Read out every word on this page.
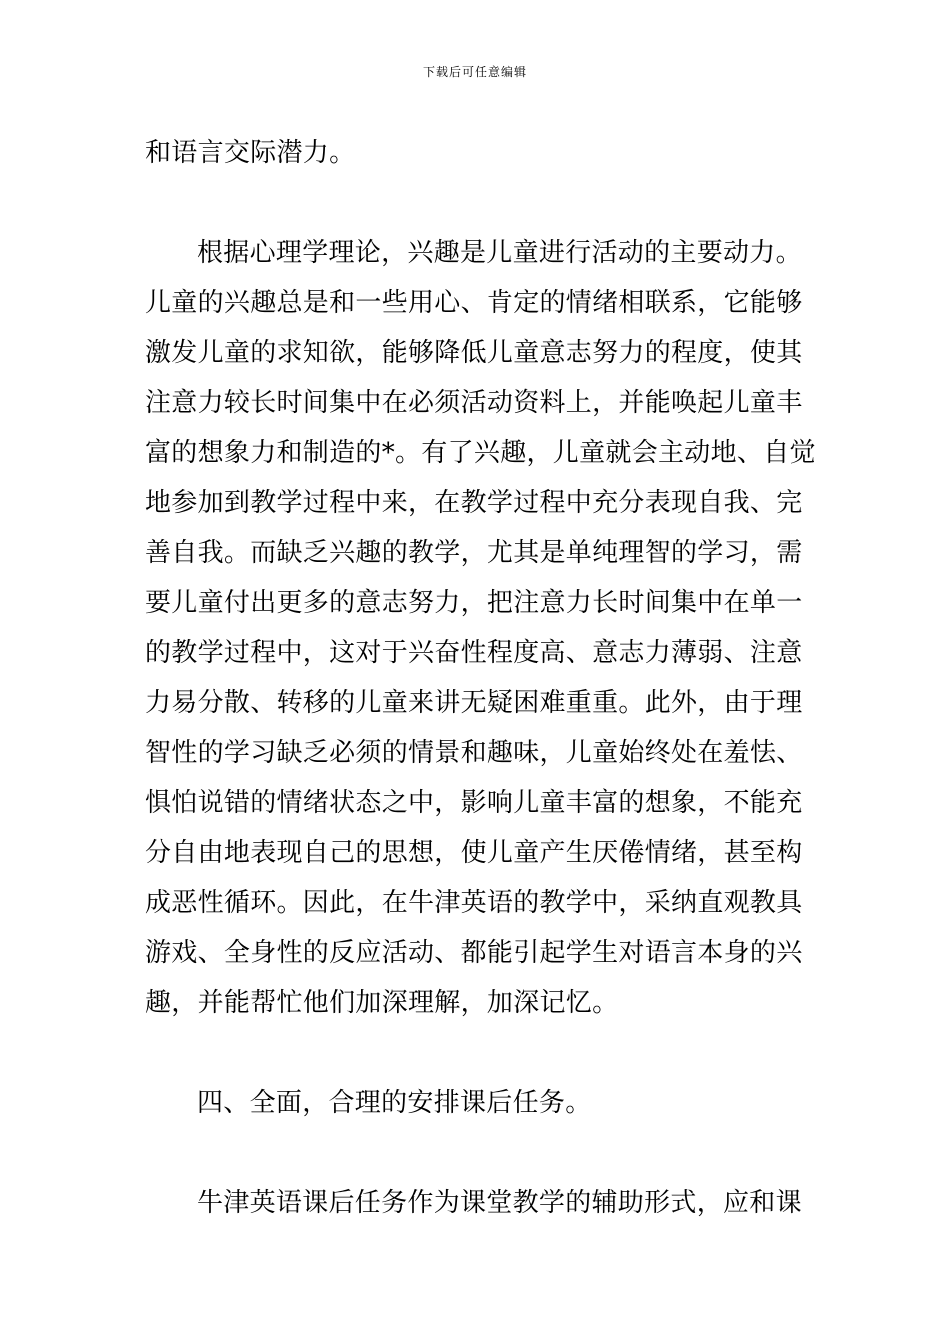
下载后可任意编辑
和语言交际潜力。
根据心理学理论，兴趣是儿童进行活动的主要动力。
儿童的兴趣总是和一些用心、肯定的情绪相联系，它能够
激发儿童的求知欲，能够降低儿童意志努力的程度，使其
注意力较长时间集中在必须活动资料上，并能唤起儿童丰
富的想象力和制造的*。有了兴趣，儿童就会主动地、自觉
地参加到教学过程中来，在教学过程中充分表现自我、完
善自我。而缺乏兴趣的教学，尤其是单纯理智的学习，需
要儿童付出更多的意志努力，把注意力长时间集中在单一
的教学过程中，这对于兴奋性程度高、意志力薄弱、注意
力易分散、转移的儿童来讲无疑困难重重。此外，由于理
智性的学习缺乏必须的情景和趣味，儿童始终处在羞怯、
惧怕说错的情绪状态之中，影响儿童丰富的想象，不能充
分自由地表现自己的思想，使儿童产生厌倦情绪，甚至构
成恶性循环。因此，在牛津英语的教学中，采纳直观教具
游戏、全身性的反应活动、都能引起学生对语言本身的兴
趣，并能帮忙他们加深理解，加深记忆。
四、全面，合理的安排课后任务。
牛津英语课后任务作为课堂教学的辅助形式，应和课
